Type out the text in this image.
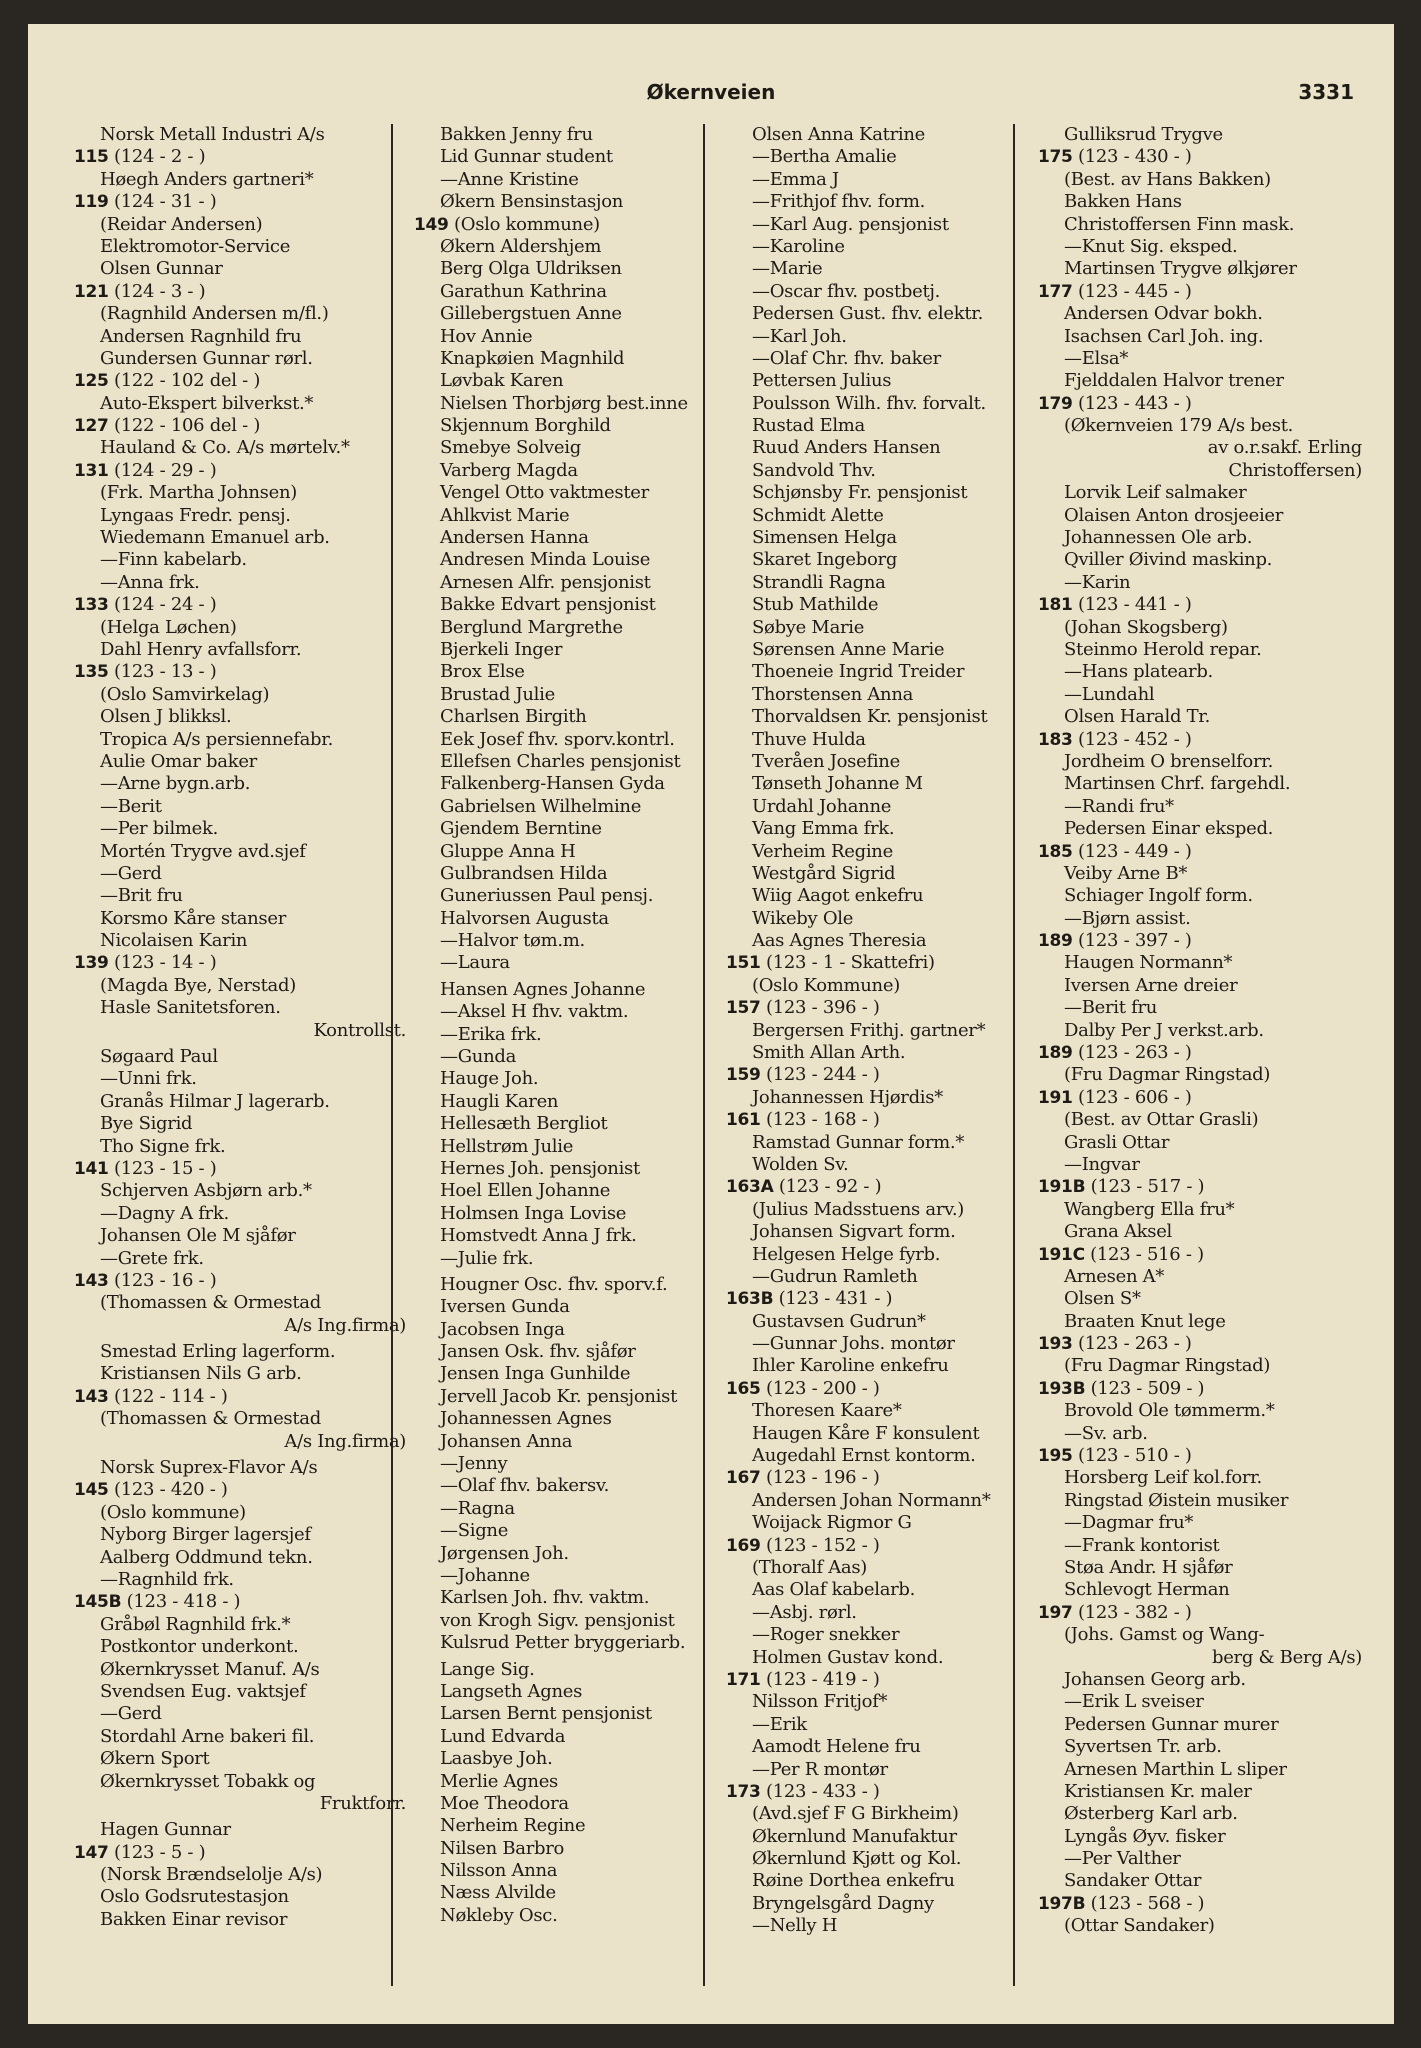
Økernveien	3331
Norsk Metall Industri A/s
115 (124 - 2 - )
Høegh Anders gartneri*
119 (124 - 31 - )
(Reidar Andersen)
Elektromotor-Service
Olsen Gunnar
121 (124 - 3 - )
(Ragnhild Andersen m/fl.)
Andersen Ragnhild fru
Gundersen Gunnar rørl.
125 (122 - 102 del - )
Auto-Ekspert bilverkst.*
127 (122 - 106 del - )
Hauland & Co. A/s mørtelv.*
131 (124 - 29 - )
(Frk. Martha Johnsen)
Lyngaas Fredr. pensj.
Wiedemann Emanuel arb.
—Finn kabelarb.
—Anna frk.
133 (124 - 24 - )
(Helga Løchen)
Dahl Henry avfallsforr.
135 (123 - 13 - )
(Oslo Samvirkelag)
Olsen J blikksl.
Tropica A/s persiennefabr.
Aulie Omar baker
—Arne bygn.arb.
—Berit
—Per bilmek.
Mortén Trygve avd.sjef
—Gerd
—Brit fru
Korsmo Kåre stanser
Nicolaisen Karin
139 (123 - 14 - )
(Magda Bye, Nerstad)
Hasle Sanitetsforen.
Kontrollst.
Søgaard Paul
—Unni frk.
Granås Hilmar J lagerarb.
Bye Sigrid
Tho Signe frk.
141 (123 - 15 - )
Schjerven Asbjørn arb.*
—Dagny A frk.
Johansen Ole M sjåfør
—Grete frk.
143 (123 - 16 - )
(Thomassen & Ormestad
A/s Ing.firma)
Smestad Erling lagerform.
Kristiansen Nils G arb.
143 (122 - 114 - )
(Thomassen & Ormestad
A/s Ing.firma)
Norsk Suprex-Flavor A/s
145 (123 - 420 - )
(Oslo kommune)
Nyborg Birger lagersjef
Aalberg Oddmund tekn.
—Ragnhild frk.
145B (123 - 418 - )
Gråbøl Ragnhild frk.*
Postkontor underkont.
Økernkrysset Manuf. A/s
Svendsen Eug. vaktsjef
—Gerd
Stordahl Arne bakeri fil.
Økern Sport
Økernkrysset Tobakk og
Fruktforr.
Hagen Gunnar
147 (123 - 5 - )
(Norsk Brændselolje A/s)
Oslo Godsrutestasjon
Bakken Einar revisor
Bakken Jenny fru
Lid Gunnar student
—Anne Kristine
Økern Bensinstasjon
149 (Oslo kommune)
Økern Aldershjem
Berg Olga Uldriksen
Garathun Kathrina
Gillebergstuen Anne
Hov Annie
Knapkøien Magnhild
Løvbak Karen
Nielsen Thorbjørg best.inne
Skjennum Borghild
Smebye Solveig
Varberg Magda
Vengel Otto vaktmester
Ahlkvist Marie
Andersen Hanna
Andresen Minda Louise
Arnesen Alfr. pensjonist
Bakke Edvart pensjonist
Berglund Margrethe
Bjerkeli Inger
Brox Else
Brustad Julie
Charlsen Birgith
Eek Josef fhv. sporv.kontrl.
Ellefsen Charles pensjonist
Falkenberg-Hansen Gyda
Gabrielsen Wilhelmine
Gjendem Berntine
Gluppe Anna H
Gulbrandsen Hilda
Guneriussen Paul pensj.
Halvorsen Augusta
—Halvor tøm.m.
—Laura
Hansen Agnes Johanne
—Aksel H fhv. vaktm.
—Erika frk.
—Gunda
Hauge Joh.
Haugli Karen
Hellesæth Bergliot
Hellstrøm Julie
Hernes Joh. pensjonist
Hoel Ellen Johanne
Holmsen Inga Lovise
Homstvedt Anna J frk.
—Julie frk.
Hougner Osc. fhv. sporv.f.
Iversen Gunda
Jacobsen Inga
Jansen Osk. fhv. sjåfør
Jensen Inga Gunhilde
Jervell Jacob Kr. pensjonist
Johannessen Agnes
Johansen Anna
—Jenny
—Olaf fhv. bakersv.
—Ragna
—Signe
Jørgensen Joh.
—Johanne
Karlsen Joh. fhv. vaktm.
von Krogh Sigv. pensjonist
Kulsrud Petter bryggeriarb.
Lange Sig.
Langseth Agnes
Larsen Bernt pensjonist
Lund Edvarda
Laasbye Joh.
Merlie Agnes
Moe Theodora
Nerheim Regine
Nilsen Barbro
Nilsson Anna
Næss Alvilde
Nøkleby Osc.
Olsen Anna Katrine
—Bertha Amalie
—Emma J
—Frithjof fhv. form.
—Karl Aug. pensjonist
—Karoline
—Marie
—Oscar fhv. postbetj.
Pedersen Gust. fhv. elektr.
—Karl Joh.
—Olaf Chr. fhv. baker
Pettersen Julius
Poulsson Wilh. fhv. forvalt.
Rustad Elma
Ruud Anders Hansen
Sandvold Thv.
Schjønsby Fr. pensjonist
Schmidt Alette
Simensen Helga
Skaret Ingeborg
Strandli Ragna
Stub Mathilde
Søbye Marie
Sørensen Anne Marie
Thoeneie Ingrid Treider
Thorstensen Anna
Thorvaldsen Kr. pensjonist
Thuve Hulda
Tveråen Josefine
Tønseth Johanne M
Urdahl Johanne
Vang Emma frk.
Verheim Regine
Westgård Sigrid
Wiig Aagot enkefru
Wikeby Ole
Aas Agnes Theresia
151 (123 - 1 - Skattefri)
(Oslo Kommune)
157 (123 - 396 - )
Bergersen Frithj. gartner*
Smith Allan Arth.
159 (123 - 244 - )
Johannessen Hjørdis*
161 (123 - 168 - )
Ramstad Gunnar form.*
Wolden Sv.
163A (123 - 92 - )
(Julius Madsstuens arv.)
Johansen Sigvart form.
Helgesen Helge fyrb.
—Gudrun Ramleth
163B (123 - 431 - )
Gustavsen Gudrun*
—Gunnar Johs. montør
Ihler Karoline enkefru
165 (123 - 200 - )
Thoresen Kaare*
Haugen Kåre F konsulent
Augedahl Ernst kontorm.
167 (123 - 196 - )
Andersen Johan Normann*
Woijack Rigmor G
169 (123 - 152 - )
(Thoralf Aas)
Aas Olaf kabelarb.
—Asbj. rørl.
—Roger snekker
Holmen Gustav kond.
171 (123 - 419 - )
Nilsson Fritjof*
—Erik
Aamodt Helene fru
—Per R montør
173 (123 - 433 - )
(Avd.sjef F G Birkheim)
Økernlund Manufaktur
Økernlund Kjøtt og Kol.
Røine Dorthea enkefru
Bryngelsgård Dagny
—Nelly H
Gulliksrud Trygve
175 (123 - 430 - )
(Best. av Hans Bakken)
Bakken Hans
Christoffersen Finn mask.
—Knut Sig. eksped.
Martinsen Trygve ølkjører
177 (123 - 445 - )
Andersen Odvar bokh.
Isachsen Carl Joh. ing.
—Elsa*
Fjelddalen Halvor trener
179 (123 - 443 - )
(Økernveien 179 A/s best.
av o.r.sakf. Erling
Christoffersen)
Lorvik Leif salmaker
Olaisen Anton drosjeeier
Johannessen Ole arb.
Qviller Øivind maskinp.
—Karin
181 (123 - 441 - )
(Johan Skogsberg)
Steinmo Herold repar.
—Hans platearb.
—Lundahl
Olsen Harald Tr.
183 (123 - 452 - )
Jordheim O brenselforr.
Martinsen Chrf. fargehdl.
—Randi fru*
Pedersen Einar eksped.
185 (123 - 449 - )
Veiby Arne B*
Schiager Ingolf form.
—Bjørn assist.
189 (123 - 397 - )
Haugen Normann*
Iversen Arne dreier
—Berit fru
Dalby Per J verkst.arb.
189 (123 - 263 - )
(Fru Dagmar Ringstad)
191 (123 - 606 - )
(Best. av Ottar Grasli)
Grasli Ottar
—Ingvar
191B (123 - 517 - )
Wangberg Ella fru*
Grana Aksel
191C (123 - 516 - )
Arnesen A*
Olsen S*
Braaten Knut lege
193 (123 - 263 - )
(Fru Dagmar Ringstad)
193B (123 - 509 - )
Brovold Ole tømmerm.*
—Sv. arb.
195 (123 - 510 - )
Horsberg Leif kol.forr.
Ringstad Øistein musiker
—Dagmar fru*
—Frank kontorist
Støa Andr. H sjåfør
Schlevogt Herman
197 (123 - 382 - )
(Johs. Gamst og Wang-
berg & Berg A/s)
Johansen Georg arb.
—Erik L sveiser
Pedersen Gunnar murer
Syvertsen Tr. arb.
Arnesen Marthin L sliper
Kristiansen Kr. maler
Østerberg Karl arb.
Lyngås Øyv. fisker
—Per Valther
Sandaker Ottar
197B (123 - 568 - )
(Ottar Sandaker)
